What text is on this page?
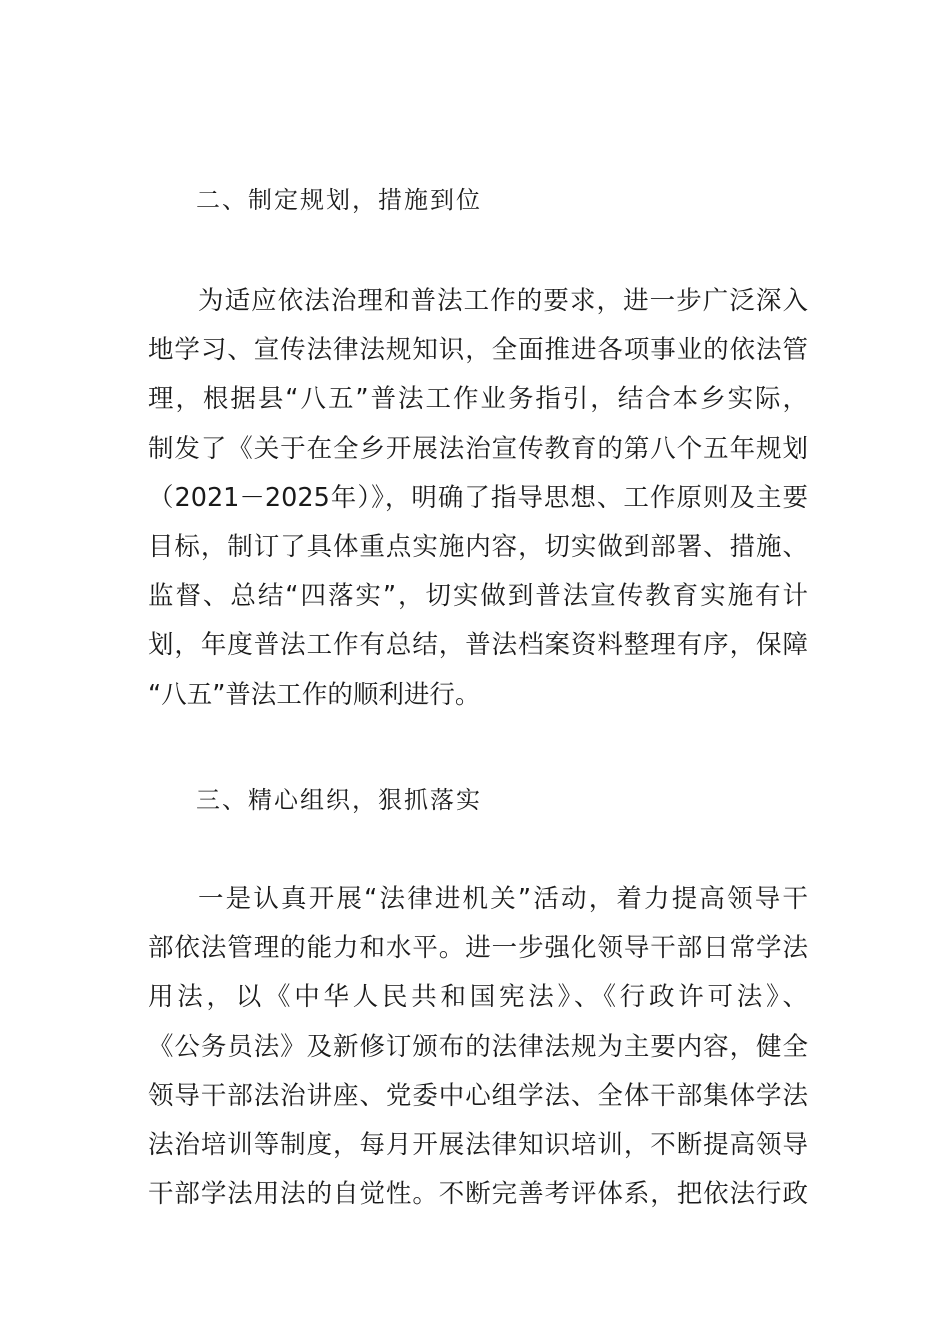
二、制定规划，措施到位
为适应依法治理和普法工作的要求，进一步广泛深入
地学习、宣传法律法规知识，全面推进各项事业的依法管
理，根据县“八五”普法工作业务指引，结合本乡实际，
制发了《关于在全乡开展法治宣传教育的第八个五年规划
（2021－2025年）》，明确了指导思想、工作原则及主要
目标，制订了具体重点实施内容，切实做到部署、措施、
监督、总结“四落实”，切实做到普法宣传教育实施有计
划，年度普法工作有总结，普法档案资料整理有序，保障
“八五”普法工作的顺利进行。
三、精心组织，狠抓落实
一是认真开展“法律进机关”活动，着力提高领导干
部依法管理的能力和水平。进一步强化领导干部日常学法
用法，以《中华人民共和国宪法》、《行政许可法》、
《公务员法》及新修订颁布的法律法规为主要内容，健全
领导干部法治讲座、党委中心组学法、全体干部集体学法
法治培训等制度，每月开展法律知识培训，不断提高领导
干部学法用法的自觉性。不断完善考评体系，把依法行政
